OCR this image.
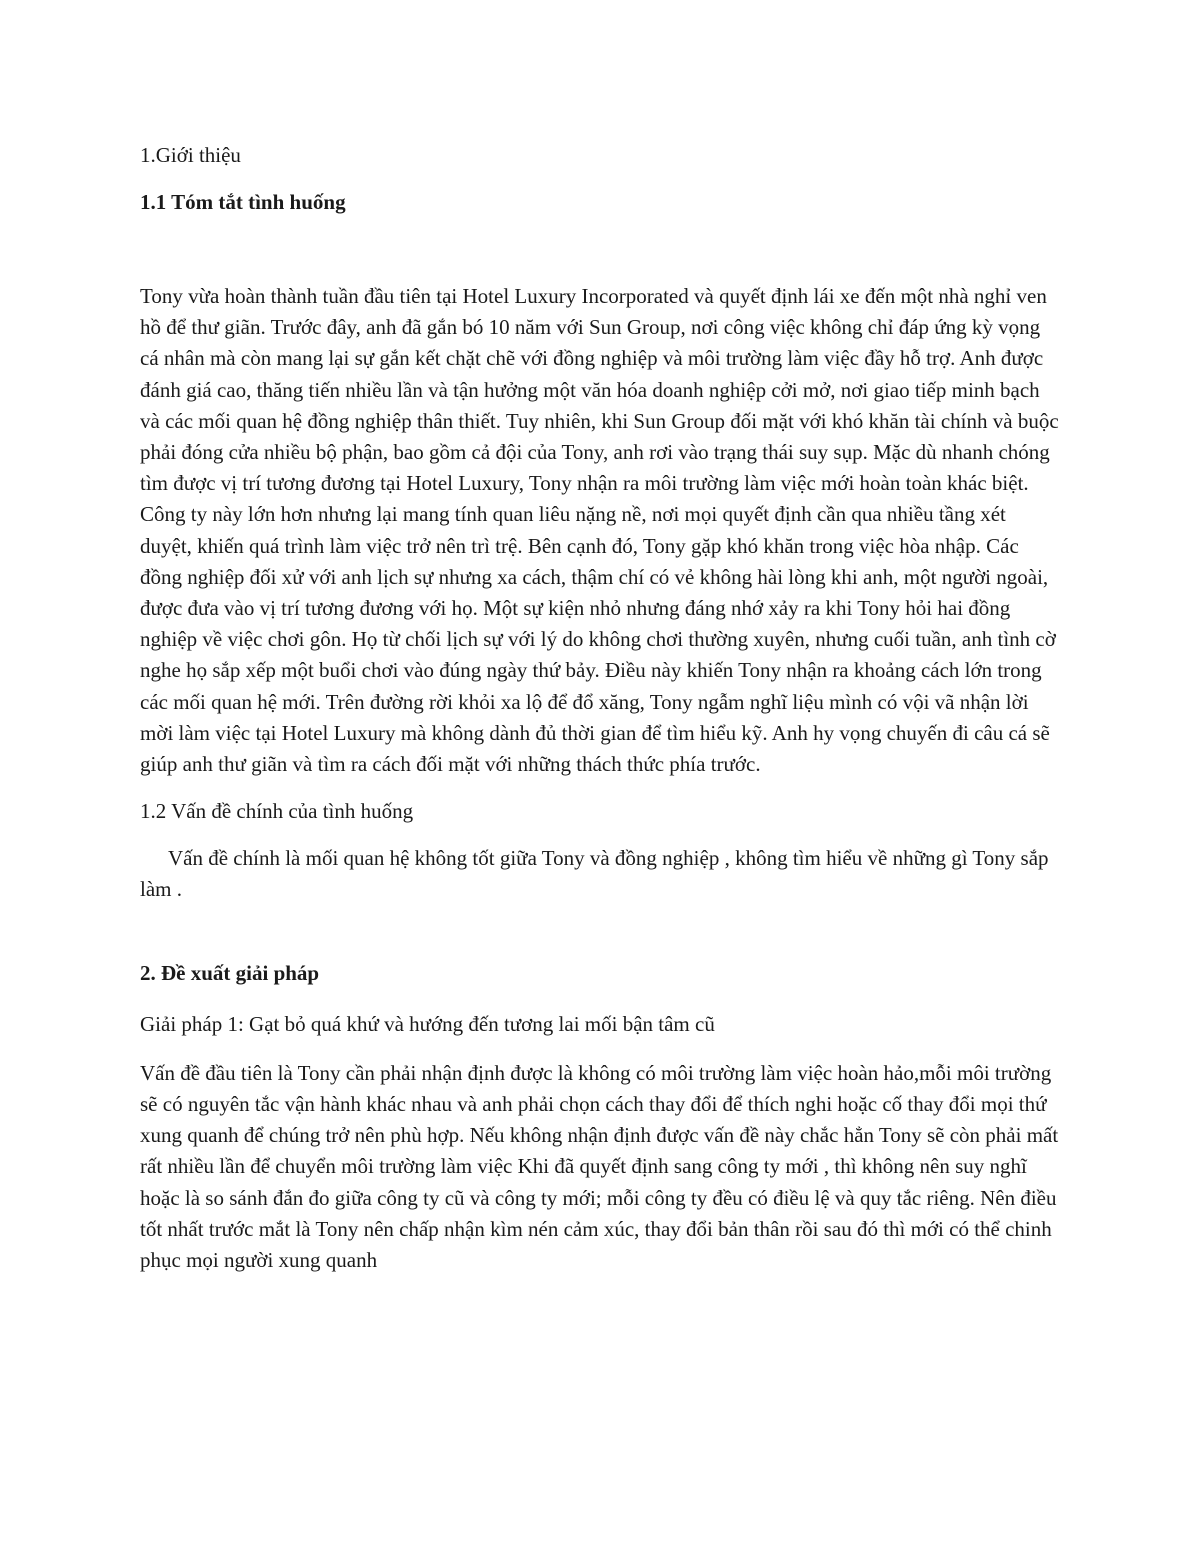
1.Giới thiệu

1.1 Tóm tắt tình huống

Tony vừa hoàn thành tuần đầu tiên tại Hotel Luxury Incorporated và quyết định lái xe đến một nhà nghỉ ven hồ để thư giãn. Trước đây, anh đã gắn bó 10 năm với Sun Group, nơi công việc không chỉ đáp ứng kỳ vọng cá nhân mà còn mang lại sự gắn kết chặt chẽ với đồng nghiệp và môi trường làm việc đầy hỗ trợ. Anh được đánh giá cao, thăng tiến nhiều lần và tận hưởng một văn hóa doanh nghiệp cởi mở, nơi giao tiếp minh bạch và các mối quan hệ đồng nghiệp thân thiết. Tuy nhiên, khi Sun Group đối mặt với khó khăn tài chính và buộc phải đóng cửa nhiều bộ phận, bao gồm cả đội của Tony, anh rơi vào trạng thái suy sụp. Mặc dù nhanh chóng tìm được vị trí tương đương tại Hotel Luxury, Tony nhận ra môi trường làm việc mới hoàn toàn khác biệt. Công ty này lớn hơn nhưng lại mang tính quan liêu nặng nề, nơi mọi quyết định cần qua nhiều tầng xét duyệt, khiến quá trình làm việc trở nên trì trệ. Bên cạnh đó, Tony gặp khó khăn trong việc hòa nhập. Các đồng nghiệp đối xử với anh lịch sự nhưng xa cách, thậm chí có vẻ không hài lòng khi anh, một người ngoài, được đưa vào vị trí tương đương với họ. Một sự kiện nhỏ nhưng đáng nhớ xảy ra khi Tony hỏi hai đồng nghiệp về việc chơi gôn. Họ từ chối lịch sự với lý do không chơi thường xuyên, nhưng cuối tuần, anh tình cờ nghe họ sắp xếp một buổi chơi vào đúng ngày thứ bảy. Điều này khiến Tony nhận ra khoảng cách lớn trong các mối quan hệ mới. Trên đường rời khỏi xa lộ để đổ xăng, Tony ngẫm nghĩ liệu mình có vội vã nhận lời mời làm việc tại Hotel Luxury mà không dành đủ thời gian để tìm hiểu kỹ. Anh hy vọng chuyến đi câu cá sẽ giúp anh thư giãn và tìm ra cách đối mặt với những thách thức phía trước.

1.2 Vấn đề chính của tình huống

Vấn đề chính là mối quan hệ không tốt giữa Tony và đồng nghiệp , không tìm hiểu về những gì Tony sắp làm .

2. Đề xuất giải pháp

Giải pháp 1: Gạt bỏ quá khứ và hướng đến tương lai mối bận tâm cũ

Vấn đề đầu tiên là Tony cần phải nhận định được là không có môi trường làm việc hoàn hảo,mỗi môi trường sẽ có nguyên tắc vận hành khác nhau và anh phải chọn cách thay đổi để thích nghi hoặc cố thay đổi mọi thứ xung quanh để chúng trở nên phù hợp. Nếu không nhận định được vấn đề này chắc hẳn Tony sẽ còn phải mất rất nhiều lần để chuyển môi trường làm việc Khi đã quyết định sang công ty mới , thì không nên suy nghĩ hoặc là so sánh đắn đo giữa công ty cũ và công ty mới; mỗi công ty đều có điều lệ và quy tắc riêng. Nên điều tốt nhất trước mắt là Tony nên chấp nhận kìm nén cảm xúc, thay đổi bản thân rồi sau đó thì mới có thể chinh phục mọi người xung quanh
